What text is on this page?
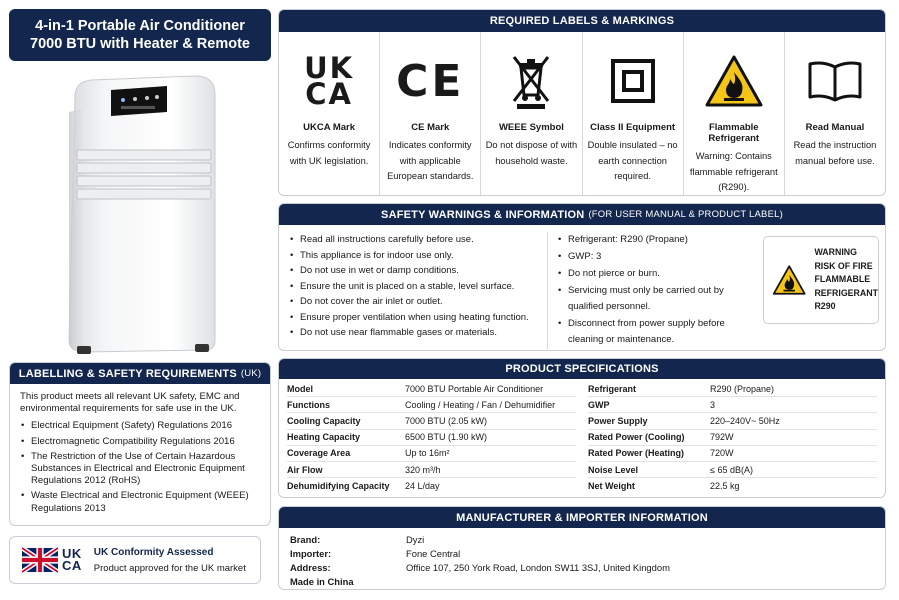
4-in-1 Portable Air Conditioner
7000 BTU with Heater & Remote
LABELLING & SAFETY REQUIREMENTS (UK)

This product meets all relevant UK safety, EMC and environmental requirements for safe use in the UK.

• Electrical Equipment (Safety) Regulations 2016
• Electromagnetic Compatibility Regulations 2016
• The Restriction of the Use of Certain Hazardous Substances in Electrical and Electronic Equipment Regulations 2012 (RoHS)
• Waste Electrical and Electronic Equipment (WEEE) Regulations 2013
UK
CA
UK Conformity Assessed
Product approved for the UK market
REQUIRED LABELS & MARKINGS
UK
CA
UKCA Mark
Confirms conformity with UK legislation.
CE
CE Mark
Indicates conformity with applicable European standards.
WEEE Symbol
Do not dispose of with household waste.
Class II Equipment
Double insulated – no earth connection required.
Flammable Refrigerant
Warning: Contains flammable refrigerant (R290).
Read Manual
Read the instruction manual before use.
SAFETY WARNINGS & INFORMATION (FOR USER MANUAL & PRODUCT LABEL)
• Read all instructions carefully before use.
• This appliance is for indoor use only.
• Do not use in wet or damp conditions.
• Ensure the unit is placed on a stable, level surface.
• Do not cover the air inlet or outlet.
• Ensure proper ventilation when using heating function.
• Do not use near flammable gases or materials.
• Refrigerant: R290 (Propane)
• GWP: 3
• Do not pierce or burn.
• Servicing must only be carried out by qualified personnel.
• Disconnect from power supply before cleaning or maintenance.
WARNING
RISK OF FIRE
FLAMMABLE
REFRIGERANT
R290
PRODUCT SPECIFICATIONS
Model	7000 BTU Portable Air Conditioner
Functions	Cooling / Heating / Fan / Dehumidifier
Cooling Capacity	7000 BTU (2.05 kW)
Heating Capacity	6500 BTU (1.90 kW)
Coverage Area	Up to 16m²
Air Flow	320 m³/h
Dehumidifying Capacity	24 L/day
Refrigerant	R290 (Propane)
GWP	3
Power Supply	220–240V~ 50Hz
Rated Power (Cooling)	792W
Rated Power (Heating)	720W
Noise Level	≤ 65 dB(A)
Net Weight	22.5 kg
MANUFACTURER & IMPORTER INFORMATION
Brand:	Dyzi
Importer:	Fone Central
Address:	Office 107, 250 York Road, London SW11 3SJ, United Kingdom
Made in China
